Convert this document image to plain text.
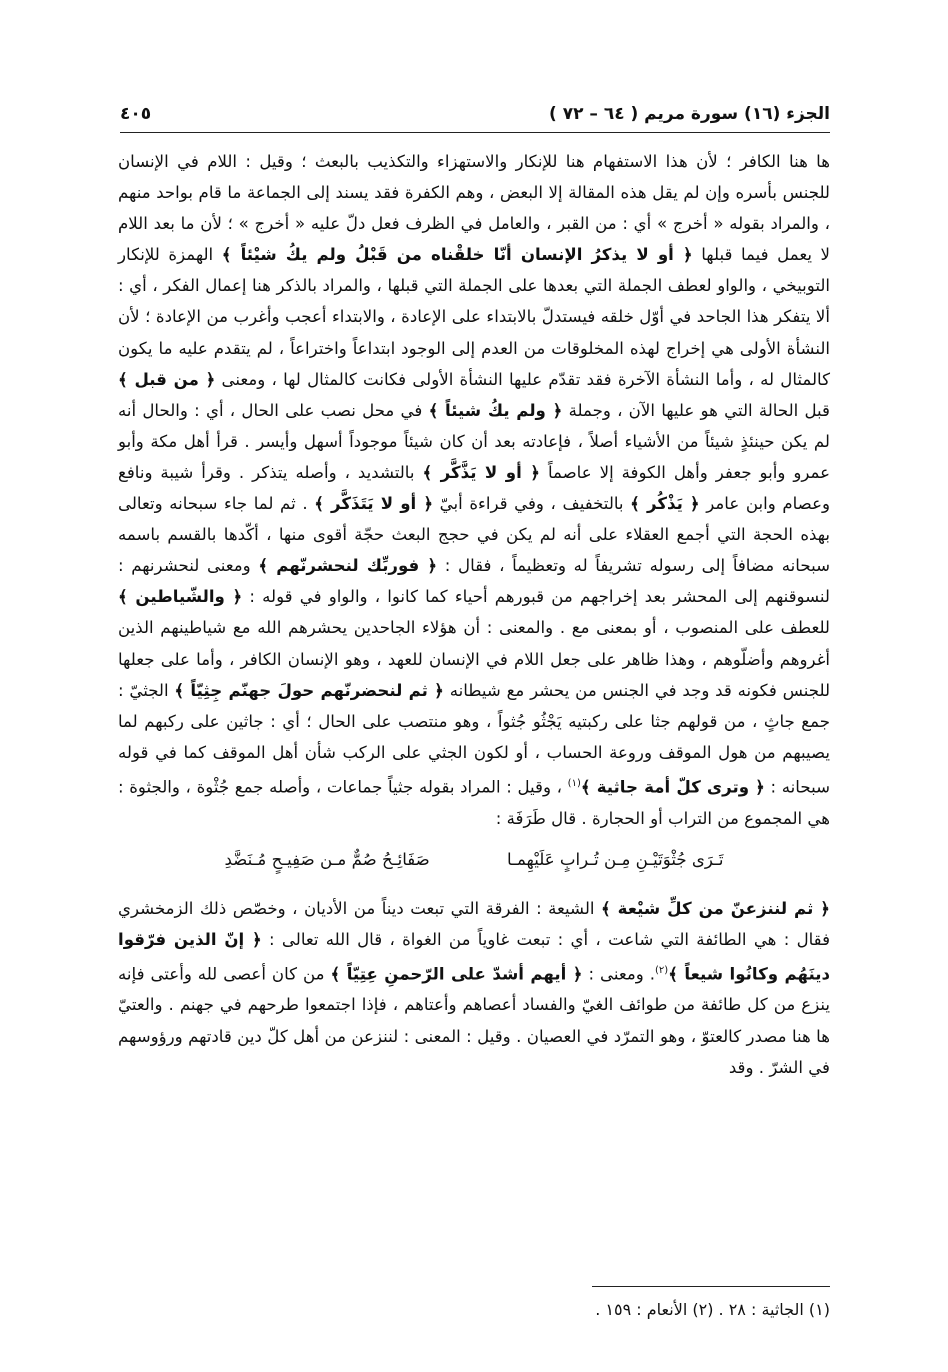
الجزء (١٦) سورة مريم ( ٦٤ – ٧٢ )
٤٠٥

ها هنا الكافر ؛ لأن هذا الاستفهام هنا للإنكار والاستهزاء والتكذيب بالبعث ؛ وقيل : اللام في الإنسان للجنس بأسره وإن لم يقل هذه المقالة إلا البعض ، وهم الكفرة فقد يسند إلى الجماعة ما قام بواحد منهم ، والمراد بقوله « أخرج » أي : من القبر ، والعامل في الظرف فعل دلّ عليه « أخرج » ؛ لأن ما بعد اللام لا يعمل فيما قبلها ﴿ أو لا يذكرُ الإنسان أنّا خلقْناه من قَبْلُ ولم يكُ شيْئاً ﴾ الهمزة للإنكار التوبيخي ، والواو لعطف الجملة التي بعدها على الجملة التي قبلها ، والمراد بالذكر هنا إعمال الفكر ، أي : ألا يتفكر هذا الجاحد في أوّل خلقه فيستدلّ بالابتداء على الإعادة ، والابتداء أعجب وأغرب من الإعادة ؛ لأن النشأة الأولى هي إخراج لهذه المخلوقات من العدم إلى الوجود ابتداعاً واختراعاً ، لم يتقدم عليه ما يكون كالمثال له ، وأما النشأة الآخرة فقد تقدّم عليها النشأة الأولى فكانت كالمثال لها ، ومعنى ﴿ من قبل ﴾ قبل الحالة التي هو عليها الآن ، وجملة ﴿ ولم يكُ شيئاً ﴾ في محل نصب على الحال ، أي : والحال أنه لم يكن حينئذٍ شيئاً من الأشياء أصلاً ، فإعادته بعد أن كان شيئاً موجوداً أسهل وأيسر . قرأ أهل مكة وأبو عمرو وأبو جعفر وأهل الكوفة إلا عاصماً ﴿ أو لا يَذَّكَّر ﴾ بالتشديد ، وأصله يتذكر . وقرأ شيبة ونافع وعصام وابن عامر ﴿ يَذْكُر ﴾ بالتخفيف ، وفي قراءة أبيّ ﴿ أو لا يَتَذَكَّر ﴾ . ثم لما جاء سبحانه وتعالى بهذه الحجة التي أجمع العقلاء على أنه لم يكن في حجج البعث حجّة أقوى منها ، أكّدها بالقسم باسمه سبحانه مضافاً إلى رسوله تشريفاً له وتعظيماً ، فقال : ﴿ فوربِّك لنحشرنّهم ﴾ ومعنى لنحشرنهم : لنسوقنهم إلى المحشر بعد إخراجهم من قبورهم أحياء كما كانوا ، والواو في قوله : ﴿ والشّياطين ﴾ للعطف على المنصوب ، أو بمعنى مع . والمعنى : أن هؤلاء الجاحدين يحشرهم الله مع شياطينهم الذين أغروهم وأضلّوهم ، وهذا ظاهر على جعل اللام في الإنسان للعهد ، وهو الإنسان الكافر ، وأما على جعلها للجنس فكونه قد وجد في الجنس من يحشر مع شيطانه ﴿ ثم لنحضرنّهم حولَ جهنّم جِثِيّاً ﴾ الجثيّ : جمع جاثٍ ، من قولهم جثا على ركبتيه يَجْثُو جُثواً ، وهو منتصب على الحال ؛ أي : جاثين على ركبهم لما يصيبهم من هول الموقف وروعة الحساب ، أو لكون الجثي على الركب شأن أهل الموقف كما في قوله سبحانه : ﴿ وترى كلّ أمة جاثية ﴾$^{(١)}$ ، وقيل : المراد بقوله جثياً جماعات ، وأصله جمع جُثْوة ، والجثوة : هي المجموع من التراب أو الحجارة . قال طَرَفَة :

تَـرَى جُثْوَتَيْـنِ مِـن تُـرابٍ عَلَيْهِمـا صَفَائِـحُ صُمٌّ مـن صَفِيـحٍ مُـنَضَّدِ

﴿ ثم لننزعنّ من كلِّ شيْعة ﴾ الشيعة : الفرقة التي تبعت ديناً من الأديان ، وخصّص ذلك الزمخشري فقال : هي الطائفة التي شاعت ، أي : تبعت غاوياً من الغواة ، قال الله تعالى : ﴿ إنّ الذين فرّقوا دينَهُم وكانُوا شيعاً ﴾$^{(٢)}$. ومعنى : ﴿ أيهم أشدّ على الرّحمنِ عِتِيّاً ﴾ من كان أعصى لله وأعتى فإنه ينزع من كل طائفة من طوائف الغيّ والفساد أعصاهم وأعتاهم ، فإذا اجتمعوا طرحهم في جهنم . والعتيّ ها هنا مصدر كالعتوّ ، وهو التمرّد في العصيان . وقيل : المعنى : لننزعن من أهل كلّ دين قادتهم ورؤوسهم في الشرّ . وقد

(١) الجاثية : ٢٨ . (٢) الأنعام : ١٥٩ .
